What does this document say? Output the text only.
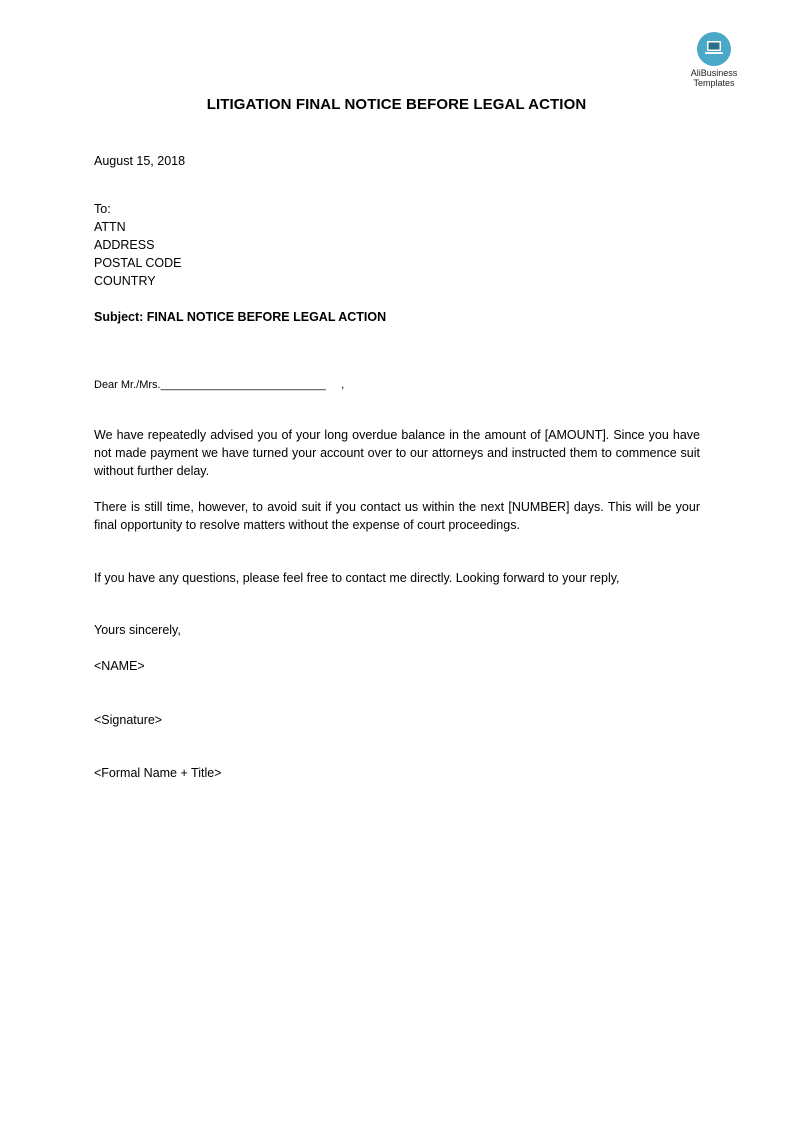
AliBusiness
Templates
LITIGATION FINAL NOTICE BEFORE LEGAL ACTION
August 15, 2018
To:
ATTN
ADDRESS
POSTAL CODE
COUNTRY
Subject: FINAL NOTICE BEFORE LEGAL ACTION
Dear Mr./Mrs.___________________________     ,
We have repeatedly advised you of your long overdue balance in the amount of [AMOUNT]. Since you have not made payment we have turned your account over to our attorneys and instructed them to commence suit without further delay.
There is still time, however, to avoid suit if you contact us within the next [NUMBER] days. This will be your final opportunity to resolve matters without the expense of court proceedings.
If you have any questions, please feel free to contact me directly. Looking forward to your reply,
Yours sincerely,
<NAME>
<Signature>
<Formal Name + Title>
